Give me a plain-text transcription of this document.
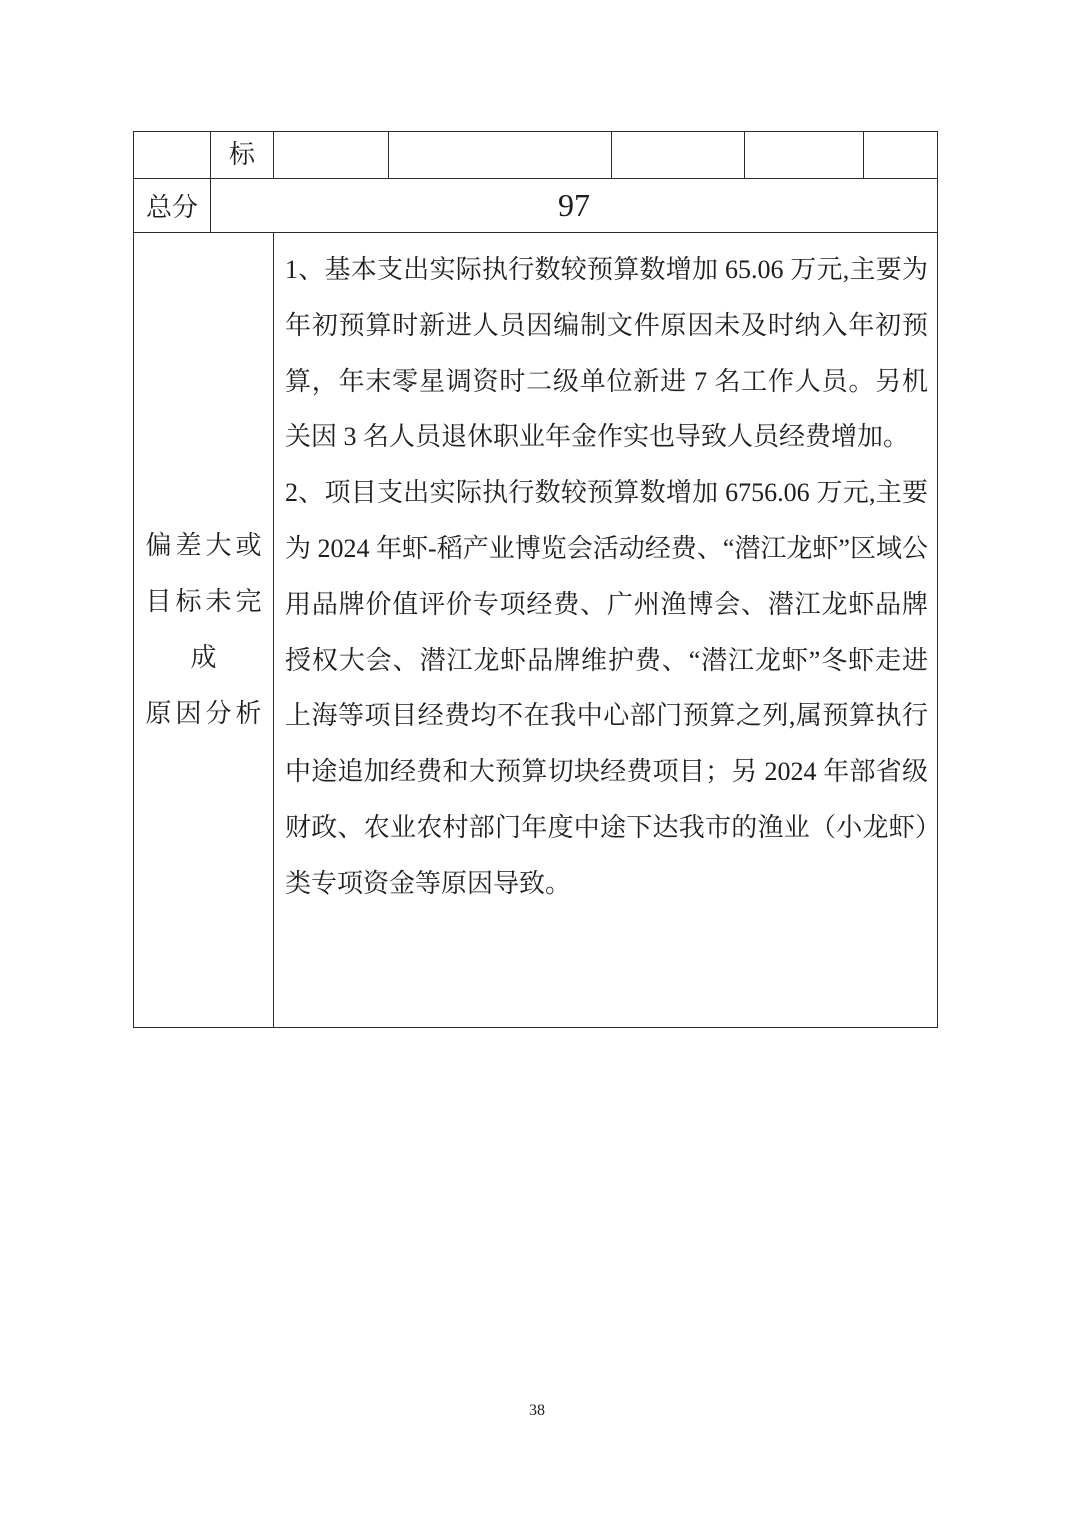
标
总分	97
偏差大或
目标未完
成
原因分析
1、基本支出实际执行数较预算数增加 65.06 万元,主要为年初预算时新进人员因编制文件原因未及时纳入年初预算，年末零星调资时二级单位新进 7 名工作人员。另机关因 3 名人员退休职业年金作实也导致人员经费增加。
2、项目支出实际执行数较预算数增加 6756.06 万元,主要为 2024 年虾-稻产业博览会活动经费、“潜江龙虾”区域公用品牌价值评价专项经费、广州渔博会、潜江龙虾品牌授权大会、潜江龙虾品牌维护费、“潜江龙虾”冬虾走进上海等项目经费均不在我中心部门预算之列,属预算执行中途追加经费和大预算切块经费项目；另 2024 年部省级财政、农业农村部门年度中途下达我市的渔业（小龙虾）类专项资金等原因导致。
38
